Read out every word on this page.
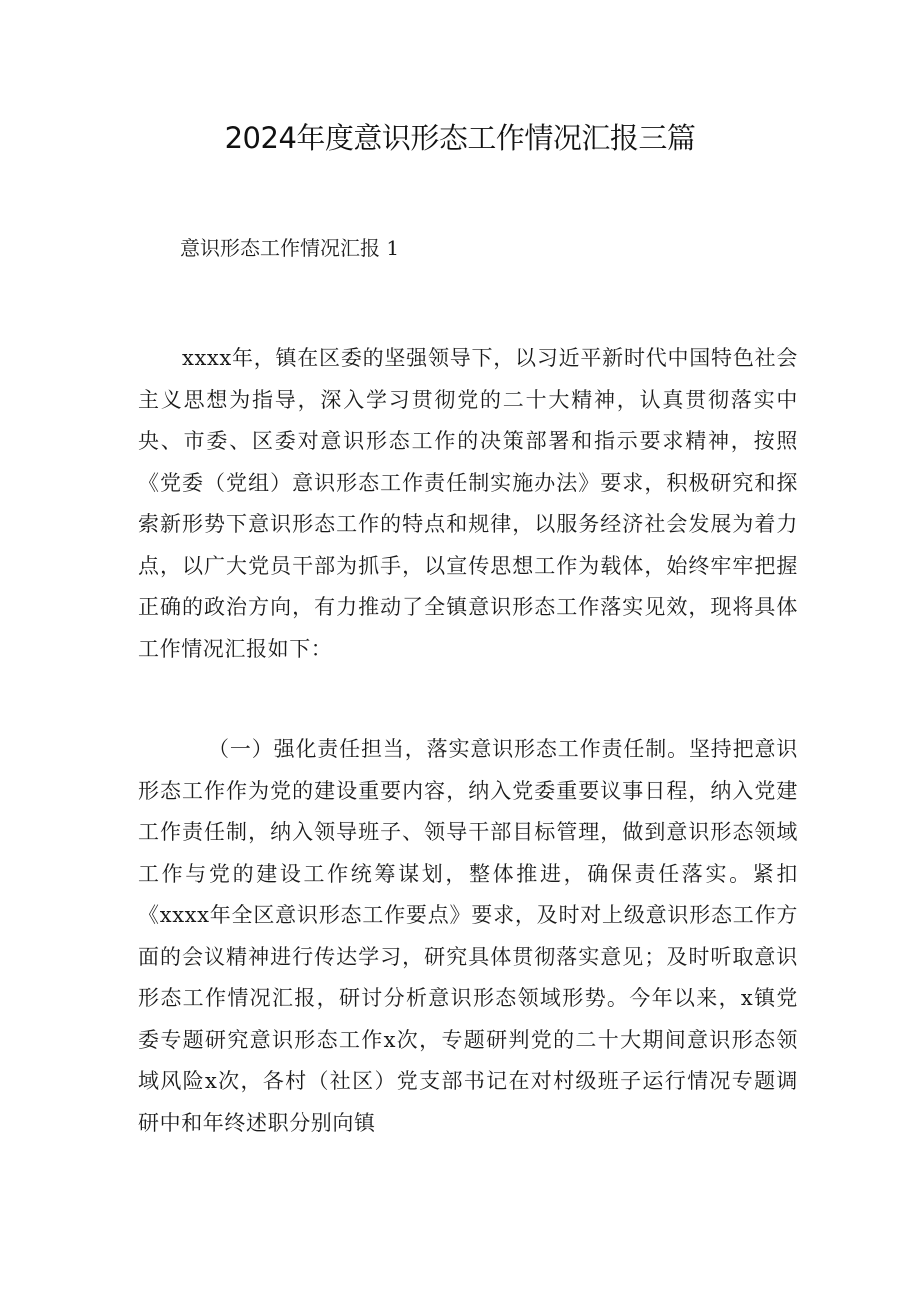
2024年度意识形态工作情况汇报三篇

意识形态工作情况汇报 1

xxxx年，镇在区委的坚强领导下，以习近平新时代中国特色社会主义思想为指导，深入学习贯彻党的二十大精神，认真贯彻落实中央、市委、区委对意识形态工作的决策部署和指示要求精神，按照《党委（党组）意识形态工作责任制实施办法》要求，积极研究和探索新形势下意识形态工作的特点和规律，以服务经济社会发展为着力点，以广大党员干部为抓手，以宣传思想工作为载体，始终牢牢把握正确的政治方向，有力推动了全镇意识形态工作落实见效，现将具体工作情况汇报如下：

（一）强化责任担当，落实意识形态工作责任制。坚持把意识形态工作作为党的建设重要内容，纳入党委重要议事日程，纳入党建工作责任制，纳入领导班子、领导干部目标管理，做到意识形态领域工作与党的建设工作统筹谋划，整体推进，确保责任落实。紧扣《xxxx年全区意识形态工作要点》要求，及时对上级意识形态工作方面的会议精神进行传达学习，研究具体贯彻落实意见；及时听取意识形态工作情况汇报，研讨分析意识形态领域形势。今年以来，x镇党委专题研究意识形态工作x次，专题研判党的二十大期间意识形态领域风险x次，各村（社区）党支部书记在对村级班子运行情况专题调研中和年终述职分别向镇
